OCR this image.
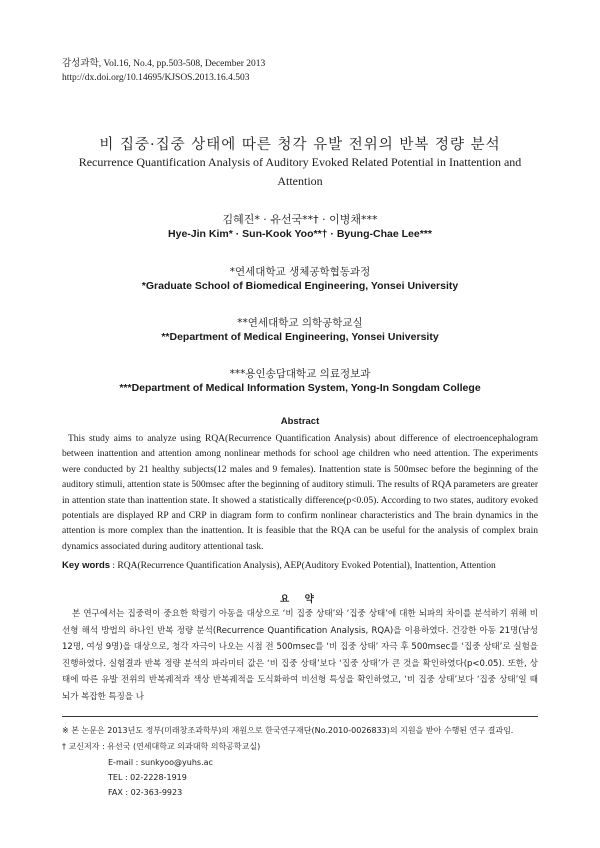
감성과학, Vol.16, No.4, pp.503-508, December 2013
http://dx.doi.org/10.14695/KJSOS.2013.16.4.503
비 집중·집중 상태에 따른 청각 유발 전위의 반복 정량 분석
Recurrence Quantification Analysis of Auditory Evoked Related Potential in Inattention and Attention
김혜진* · 유선국**† · 이병채***
Hye-Jin Kim* · Sun-Kook Yoo**† · Byung-Chae Lee***
*연세대학교 생체공학협동과정
*Graduate School of Biomedical Engineering, Yonsei University
**연세대학교 의학공학교실
**Department of Medical Engineering, Yonsei University
***용인송담대학교 의료정보과
***Department of Medical Information System, Yong-In Songdam College
Abstract

This study aims to analyze using RQA(Recurrence Quantification Analysis) about difference of electroencephalogram between inattention and attention among nonlinear methods for school age children who need attention. The experiments were conducted by 21 healthy subjects(12 males and 9 females). Inattention state is 500msec before the beginning of the auditory stimuli, attention state is 500msec after the beginning of auditory stimuli. The results of RQA parameters are greater in attention state than inattention state. It showed a statistically difference(p<0.05). According to two states, auditory evoked potentials are displayed RP and CRP in diagram form to confirm nonlinear characteristics and The brain dynamics in the attention is more complex than the inattention. It is feasible that the RQA can be useful for the analysis of complex brain dynamics associated during auditory attentional task.

Key words : RQA(Recurrence Quantification Analysis), AEP(Auditory Evoked Potential), Inattention, Attention

요 약

본 연구에서는 집중력이 중요한 학령기 아동을 대상으로 ‘비 집중 상태’와 ‘집중 상태’에 대한 뇌파의 차이를 분석하기 위해 비선형 해석 방법의 하나인 반복 정량 분석(Recurrence Quantification Analysis, RQA)을 이용하였다. 건강한 아동 21명(남성 12명, 여성 9명)을 대상으로, 청각 자극이 나오는 시점 전 500msec를 ‘비 집중 상태’ 자극 후 500msec를 ‘집중 상태’로 실험을 진행하였다. 실험결과 반복 정량 분석의 파라미터 값은 ‘비 집중 상태’보다 ‘집중 상태’가 큰 것을 확인하였다(p<0.05). 또한, 상태에 따른 유발 전위의 반복궤적과 색상 반복궤적을 도식화하여 비선형 특성을 확인하였고, ‘비 집중 상태’보다 ‘집중 상태’일 때 뇌가 복잡한 특징을 나

※ 본 논문은 2013년도 정부(미래창조과학부)의 재원으로 한국연구재단(No.2010-0026833)의 지원을 받아 수행된 연구 결과임.
† 교신저자 : 유선국 (연세대학교 의과대학 의학공학교실)
E-mail : sunkyoo@yuhs.ac
TEL : 02-2228-1919
FAX : 02-363-9923
